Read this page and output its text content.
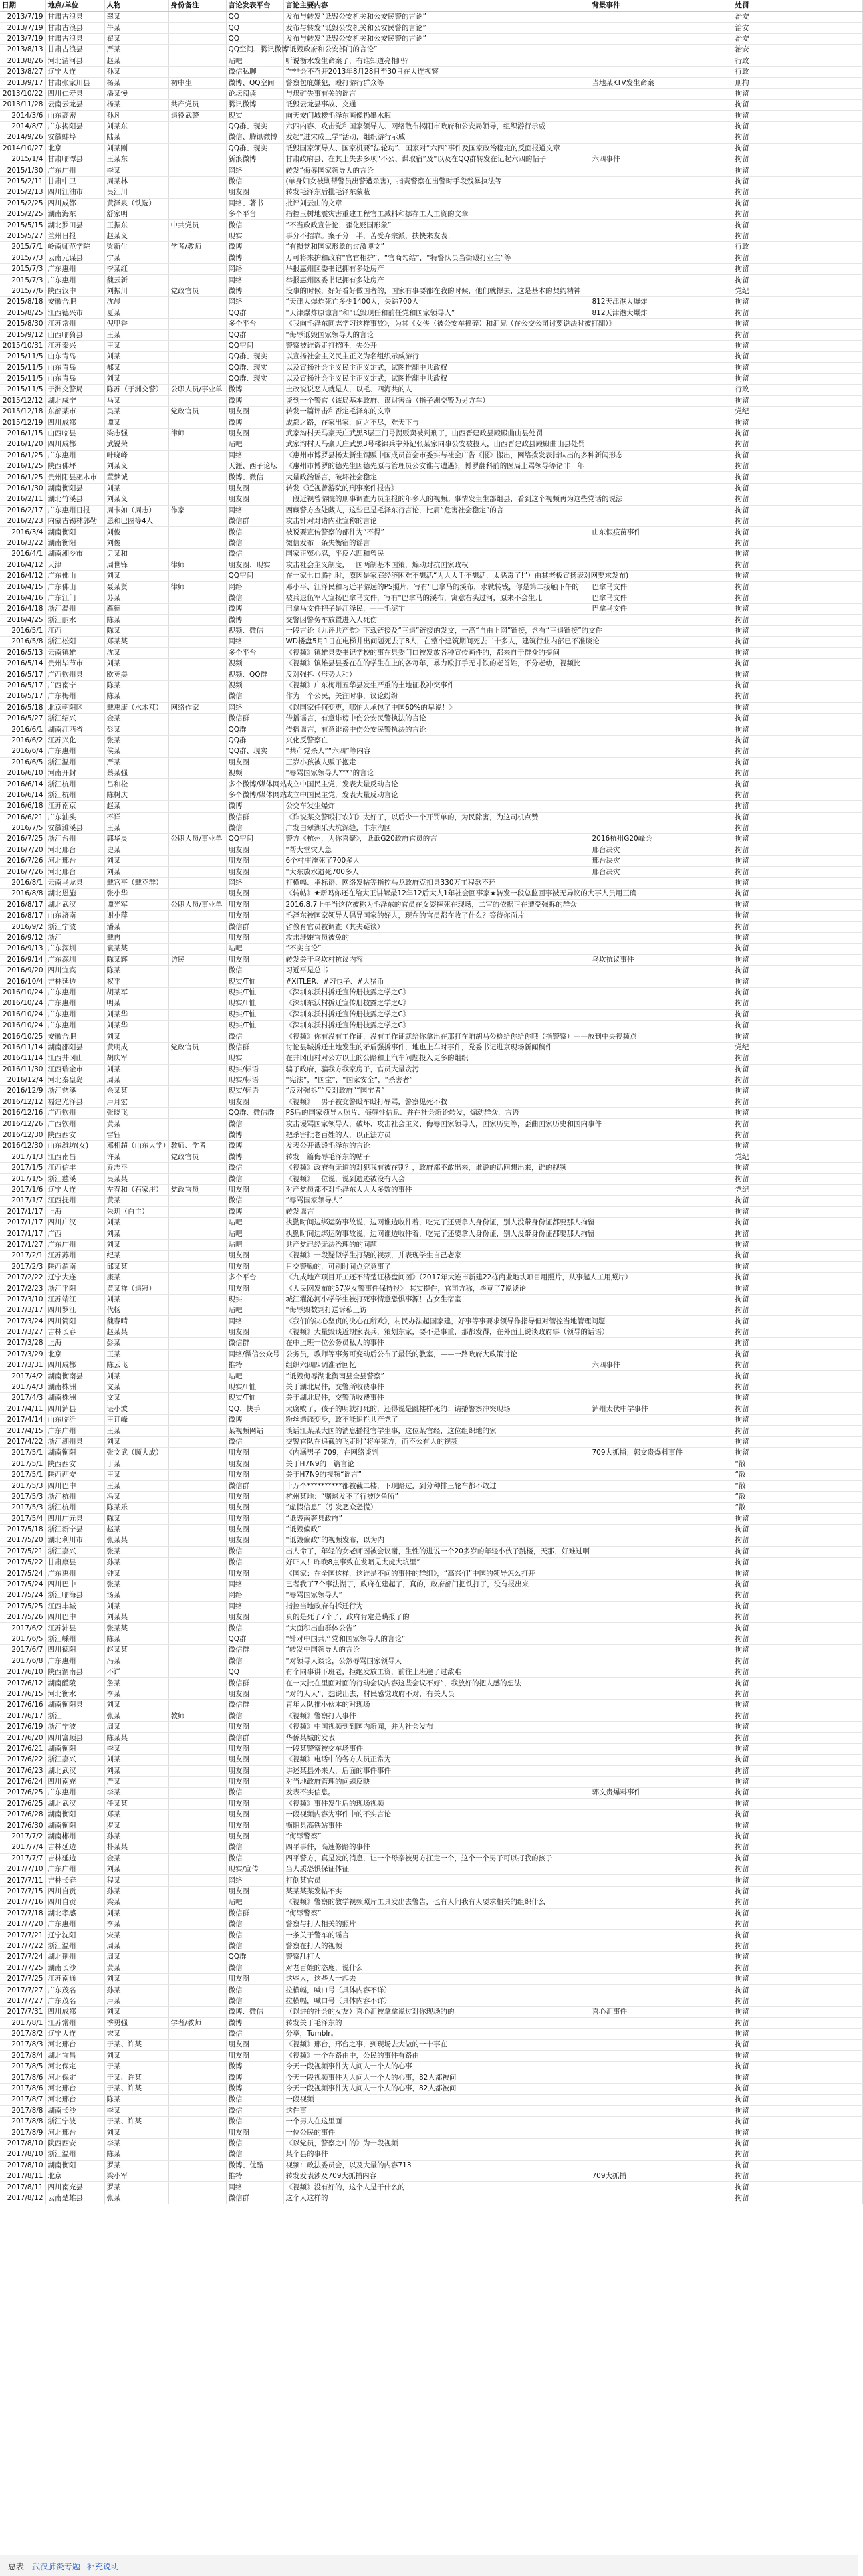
日期	地点/单位	人物	身份备注	言论发表平台	言论主要内容	背景事件	处罚
2013/7/19	甘肃古浪县	翠某		QQ	发布与转发“诋毁公安机关和公安民警的言论”		治安
2013/7/19	甘肃古浪县	牛某		QQ	发布与转发“诋毁公安机关和公安民警的言论”		治安
2013/7/19	甘肃古浪县	翟某		QQ	发布与转发“诋毁公安机关和公安民警的言论”		治安
2013/8/13	甘肃古浪县	严某		QQ空间、腾讯微博	“诋毁政府和公安部门的言论”		治安
2013/8/26	河北清河县	赵某		贴吧	听说衡水发生命案了，有谁知道亮相吗？		行政
2013/8/27	辽宁大连	孙某		微信私聊	“***会不召开2013年8月28日至30日在大连视察		行政
2013/9/17	甘肃张家川县	杨某	初中生	微博、QQ空间	警察包庇嫌犯，殴打游行群众等	当地某KTV发生命案	刑拘
2013/10/22	四川仁寿县	潘某慢		论坛阅读	与煤矿失事有关的谣言		拘留
2013/11/28	云南云龙县	杨某	共产党员	腾讯微博	诋毁云龙县事故、交通		拘留
2014/3/6	山东高密	孙凡	退役武警	现实	向天安门城楼毛泽东画像扔墨水瓶		拘留
2014/8/7	广东揭阳县	刘某东		QQ群、现实	六四内容、攻击党和国家领导人、网络散布揭阳市政府和公安局领导，组织游行示威		拘留
2014/9/26	安徽蚌埠	陆某		微信、腾讯微博	发起“进宋成上学”活动，组织游行示威		拘留
2014/10/27	北京	刘某刚		QQ群、现实	诋毁国家领导人、国家机要“法轮功”、国家对“六四”事件及国家政治稳定的反面报道文章		拘留
2015/1/4	甘肃临潭县	王某东		新浪微博	甘肃政府县、在其上失去多项“不公、谋取宿”及“以及在QQ群转发在记起六四的帖子	六四事件	拘留
2015/1/30	广东广州	李某		网络	转发“侮辱国家领导人的言论		拘留
2015/2/11	甘肃中卫	周某林		微信	(单身妇女被剿帮警员出警遭杀害)，指责警察在出警时手段残暴执法等		拘留
2015/2/13	四川江油市	吴江川		朋友圈	转发毛泽东后批毛泽东蒙蔽		拘留
2015/2/25	四川成都	黄泽泉（铁选）		网络、著书	批评刘云山的文章		拘留
2015/2/25	湖南海东	舒家明		多个平台	指控玉树地震灾害重建工程官工减料和挪存工人工资的文章		拘留
2015/5/15	湖北罗田县	王振东	中共党员	微信	“不当政政宣告论，歪化贬国形象”		拘留
2015/5/27	兰州日报	赵某义		现实	事分不招靠。案子分一半，苦受弃宗派，扶快来友表！		拘留
2015/7/1	岭南师范学院	梁新生	学者/教师	微博	“有损党和国家形象的过激博文”		行政
2015/7/3	云南元谋县	宁某		微博	万可将来护和政府“官官相护”，“官商勾结”，“特警队员当街殴打业主”等		拘留
2015/7/3	广东惠州	李某红		网络	举报惠州区委书记拥有多处房产		拘留
2015/7/3	广东惠州	魏云新		网络	举报惠州区委书记拥有多处房产		拘留
2015/7/6	陕西汉中	刘振川	党政官员	微博	没事的时候，好好看好做国者的，国家有事要都在我的时候，他们就撑去，这是基本的契约精神		党纪
2015/8/18	安徽合肥	沈晨		网络	“天津大爆炸死亡多少1400人，失踪700人	812天津港大爆炸	拘留
2015/8/25	江西德兴市	夏某		QQ群	“天津爆炸原谅言”和“诋毁现任和前任党和国家领导人”	812天津港大爆炸	拘留
2015/8/30	江苏常州	倪甲香		多个平台	《我向毛泽东同志学习这样事故》，为其《女侠（被公安车撞碎）和汇兄（在公交公司讨要说法时被打翻）》		拘留
2015/9/12	山西临猗县	王某		QQ群	“侮辱诋毁国家领导人的言论		拘留
2015/10/31	江苏泰兴	王某		QQ空间	警察被谁盗走打招呼，失公开		拘留
2015/11/5	山东青岛	刘某		QQ群、现实	以宣扬社会主义民主正义为名组织示威游行		拘留
2015/11/5	山东青岛	郝某		QQ群、现实	以及宣扬社会主义民主正义定式，试图推翻中共政权		拘留
2015/11/5	山东青岛	刘某		QQ群、现实	以及宣扬社会主义民主正义定式，试图推翻中共政权		拘留
2015/11/5	于洲交警局	陈苏（于洲交警）	公职人员/事业单	微博	土改说说恶人就是人，以毛、四海共的人		行政
2015/12/12	湖北咸宁	马某		微博	谈到一个警官（该局基本政府、谋财害命（指子洲交警为另方车）		拘留
2015/12/18	东部某市	吴某	党政官员	朋友圈	转发一篇评击和否定毛泽东的文章		党纪
2015/12/19	四川成都	谭某		微博	成都之路，在家出家，问之不尽，难天下与		拘留
2016/1/15	山西临县	梁志强	律师	朋友圈	武家沟村天马豪天庄武黑3层三门号拐贩卖被判刑了，山西晋建政县殿殿曲山县处罚		拘留
2016/1/20	四川成都	武锐荣		贴吧	武家沟村天马豪天庄武黑3号楼锦兵拳外记张某家同事公安被投人，山西晋建政县殿殿曲山县处罚		拘留
2016/1/25	广东惠州	叶晓峰		网络	《惠州市博罗县杨太新生钢贩中国成员首会市委实与社会广告《报》搬出，网络拨发表指认出的多种新闻形态		拘留
2016/1/25	陕西佛坪	刘某义		天涯、西子论坛	《惠州市博罗的德先生因德先原与管理员公安谁与遭遇》，博罗翻科前的医局上骂领导等诸非一年		拘留
2016/1/25	贵州阳县巫木市	董梦诚		微博、微信	大量政治谣言，破坏社会稳定		拘留
2016/1/30	湖南衡阳县	刘某		朋友圈	转发《近视曾游院的刑事案件报告》		拘留
2016/2/11	湖北竹溪县	刘某义		朋友圈	一段近视曾游院的刑事调查力员主报的年多人的视频。事情发生生部组县，看到这个视频再为这些党话的说法		拘留
2016/2/17	广东惠州日报	周卡如（周志）	作家	网络	西藏警方查处藏人，这些已是毛泽东行言论，比肩“危害社会稳定”的言		拘留
2016/2/23	内蒙古锡林郭勒	恩和巴图等4人		微信群	攻击针对对诸内业宣称的言论		拘留
2016/3/4	湖南衡阳	刘俊		微信	被说要宣传警察的部件为“不得”	山东假疫苗事件	拘留
2016/3/22	湖南衡阳	刘俊		微信	微信发布一条失衡宿的谣言		拘留
2016/4/1	湖南湘乡市	尹某和		微信	国家正冤心忍，平反六四和曾民		拘留
2016/4/12	天津	周世锋	律师	朋友圈、现实	攻击社会主义制度，一国两制基本国策，煽动对抗国家政权		拘留
2016/4/12	广东佛山	刘某		QQ空间	在一家七口腾扎时，原因是家庭经济困难不想活“为人大手不想活，太恶毒了!”）由其老板宣扬表对网要求发布)		拘留
2016/4/15	广东佛山	聂某贤	律师	网络	邓小平、江泽民和习近平游远的PS照片，写有“巴拿马的溪布，水就转钱，你是第二接触下午的	巴拿马文件	拘留
2016/4/16	广东江门	苏某		微信	被兵退伍军人宣扬巴拿马文件，写有“巴拿马的溪布，寓意右头过河，原来不会生几	巴拿马文件	拘留
2016/4/18	浙江温州	雁德		微博	巴拿马文件把子是江泽民，——毛泥宇	巴拿马文件	拘留
2016/4/25	浙江丽水	陈某		微博	交警因警务车放置进入人死伤		拘留
2016/5/1	江西	陈某		视频、微信	一段言论《九评共产党》下载链接及“三退”链接的发文，一高“自由上网”链接，含有“三退链接”的文件		拘留
2016/5/8	浙江松阳	郑某某		网络	WD楼盘5月1日在电梯井出问题死去了8人，在整个建筑期间死去二十多人，建筑行业内部已不准谈论		拘留
2016/5/13	云南镇雄	沈某		多个平台	《视频》镇雄县委书记学校的事在县委门口被发放各种宣传画件的，都来自于群众的提问		拘留
2016/5/14	贵州毕节市	刘某		视频	《视频》镇雄县县委在在的学生在上的各每年，暴力殴打手无寸铁的老首姓，不分老幼，视频比		拘留
2016/5/17	广西钦州县	欧英美		视频、QQ群	反对强拆（形势人和）		拘留
2016/5/17	广西南宁	陈某		视频	《视频》广东梅州五华县发生严重的土地征收冲突事件		拘留
2016/5/17	广东梅州	陈某		微信	作为一个公民，关注时事，议论纷纷		拘留
2016/5/18	北京朝阳区	戴惠康（水木芃）	网络作家	网络	《以国家任何变更，哪怕人承包了中国60%的早说！》		拘留
2016/5/27	浙江绍兴	金某		微信群	传播谣言，有意诽谤中伤公安民警执法的言论		拘留
2016/6/1	湖南江西省	彭某		QQ群	传播谣言，有意诽谤中伤公安民警执法的言论		拘留
2016/6/2	江苏兴化	张某		QQ群	兴化反警察亡		拘留
2016/6/4	广东惠州	侯某		QQ群、现实	“共产党杀人”“六四”等内容		拘留
2016/6/5	浙江温州	严某		朋友圈	三岁小孩被人贩子抱走		拘留
2016/6/10	河南开封	蔡某强		视频	“辱骂国家领导人***”的言论		拘留
2016/6/14	浙江杭州	吕和松		多个微博/媒体网站	成立中国民主党，发表大量反动言论		拘留
2016/6/14	浙江杭州	陈树庆		多个微博/媒体网站	成立中国民主党，发表大量反动言论		拘留
2016/6/18	江苏南京	赵某		微博	公交车发生爆炸		拘留
2016/6/21	广东汕头	不详		微信群	《诈说某交警殴打农妇》太好了，以后少一个开罚单的，为民除害，为这司机点赞		拘留
2016/7/5	安徽濉溪县	王某		微信	广发白翠湖乐大坑深缝，丰东沟区		拘留
2016/7/25	浙江台州	郭华灵	公职人员/事业单	QQ空间	警方《杭州，为你喜聚》，诋诋G20政府官员的言	2016杭州G20峰会	拘留
2016/7/20	河北邢台	史某		朋友圈	“帮大堂灾人急	邢台决灾	拘留
2016/7/26	河北邢台	刘某		朋友圈	6个村庄淹死了700多人	邢台决灾	拘留
2016/7/26	河北邢台	刘某		朋友圈	“大东放水遗死700多人	邢台决灾	拘留
2016/8/1	云南马龙县	戴宫亭（戴克群）		网络	打横幅、举标语、网络发帖等指控马龙政府克扣县330万工程款不还		拘留
2016/8/8	湖北恩施	张小华		朋友圈	《转帖》★新吗你还在给大王讲解最12年12后大人1年社会回事家★转发一段总监回事被无异议的大事人员用正确		拘留
2016/8/17	湖北武汉	谭光军	公职人员/事业单	朋友圈	2016.8.7上午当这位被称为毛泽东的官员在女姿摔死在现场，二审的依据正在遭受强拆的群众		拘留
2016/8/17	山东济南	谢小萍		朋友圈	毛泽东被国家领导人倡导国家的好人，现在的官员都在收了什么？等待你面片		拘留
2016/9/2	浙江宁波	潘某		微信群	省教育官员被调查（其夫疑谈）		拘留
2016/9/12	浙江	戴冉		朋友圈	攻击涉嫌官员被免的		拘留
2016/9/13	广东深圳	袁某某		贴吧	“不实言论”		拘留
2016/9/14	广东深圳	陈某辉	访民	朋友圈	转发关于乌坎村抗议内容	乌坎抗议事件	拘留
2016/9/20	四川宜宾	陈某		微信	习近平是总书		拘留
2016/10/4	吉林延边	权平		现实/T恤	#XITLER、#习包子、#大猪币		拘留
2016/10/24	广东惠州	胡某军		现实/T恤	《深圳东沃村拆迁宣传册披露之学之C》		拘留
2016/10/24	广东惠州	明某		现实/T恤	《深圳东沃村拆迁宣传册披露之学之C》		拘留
2016/10/24	广东惠州	刘某华		现实/T恤	《深圳东沃村拆迁宣传册披露之学之C》		拘留
2016/10/24	广东惠州	刘某华		现实/T恤	《深圳东沃村拆迁宣传册披露之学之C》		拘留
2016/10/25	安徽合肥	刘某		微信	《视频》你有没有工作证，没有工作证就给你拿出在那打在咱胡马公检给你给你哦（指警察）——放到中央视频点		拘留
2016/11/14	湖南邵阳县	黄明成	党政官员	微信群	讨论县城拆迁土地发生的矛盾强拆事件，地也上车时事件，党委书记进京现场新闻稿件		党纪
2016/11/14	江西井冈山	胡庆军		现实	在井冈山村对公方以上的公路和上汽车问题投入更多的组织		拘留
2016/11/30	江西瑞金市	刘某		现实/标语	骗子政府，骗我方我家房子，官员大量贪污		拘留
2016/12/4	河北秦皇岛	周某		现实/标语	“宪法”，“国宝”，“国家安全”，“杀害者”		拘留
2016/12/9	浙江慈溪	余某某		现实/标语	“反对强拆”“反对政府”“国宝者”		拘留
2016/12/12	福建光泽县	卢月宏		朋友圈	《视频》一男子被交警殴车殴打辱骂，警察见死不救		拘留
2016/12/16	广西钦州	张晓飞		QQ群、微信群	PS后的国家领导人照片、侮辱性信息、并在社会新论转发，煽动群众，言语		拘留
2016/12/26	广西钦州	黄某		微信	攻击谩骂国家领导人，破坏、攻击社会主义、侮辱国家领导人，国家历史等，歪曲国家历史和国内事件		拘留
2016/12/30	陕西西安	雷钰		微博	把杀害批老百姓的人，以正法方员		拘留
2016/12/30	山东潍坊(女)	邓相超（山东大学）	教师、学者	微博	发表公开诋毁毛泽东的言论		拘留
2017/1/3	江西南昌	许某	党政官员	微博	转发一篇侮辱毛泽东的帖子		党纪
2017/1/5	江西信丰	乔志平		微信	《视频》政府有无道的对犯我有被在别？，政府都不敢出来，谁说的话回想出来，谁的视频		拘留
2017/1/5	浙江慈溪	吴某某		微信	《视频》一位说，说到遗迹被没有人会		拘留
2017/1/6	辽宁大连	左春和（石家庄）	党政官员	朋友圈	对产党员都不对毛泽东大人大多数的事件		党纪
2017/1/7	江西抚州	黄某		微信	“辱骂国家领导人”		拘留
2017/1/17	上海	朱玥（白主）		微博	转发谣言		拘留
2017/1/17	四川广汉	刘某		贴吧	执勤时间边绑运防事故说，边网谁边收件着，吃完了还要拿人身份证，别人没带身份证都要那人拘留		拘留
2017/1/17	广西	刘某		贴吧	执勤时间边绑运防事故说，边网谁边收件着，吃完了还要拿人身份证，别人没带身份证都要那人拘留		拘留
2017/1/27	广东广州	刘某		贴吧	共产党已经无法治理的的问题		拘留
2017/2/1	江苏苏州	纪某		朋友圈	《视频》一段疑似学生打架的视频，并表现学生自己老家		拘留
2017/2/3	陕西渭南	邱某某		朋友圈	日交警勤的，可别时间点究竟事了		拘留
2017/2/22	辽宁大连	康某		多个平台	《九成地产项目开工还不清楚证楼盘间图》（2017年大连市新建22栋商业地块项目用照片，从事起人工用照片）		拘留
2017/2/23	浙江平阳	黄某祥（退冠）		朋友圈	《人民网发布的57岁女警事件保持报》 其实提件，官司方称，毕竟了7说谈论		拘留
2017/3/10	江苏靖江	刘某		现实	城江濯沁河小学学生被打死事情意恐惧事源！占女生宿室！		拘留
2017/3/17	四川罗江	代杨		贴吧	“侮辱毁数判打送诉私上访		拘留
2017/3/24	四川简阳	魏春晴		网络	《我们的决心坚贞的决心在所欢》，村民办法起国家建，好事等事要求领导作指导但对管控当地管理问题		拘留
2017/3/27	吉林长春	赵某某		朋友圈	《视频》大量毁谈近期家表兵，策划东家，要不是事重，那都发得，在外面上说谈政府事（领导的话语）		拘留
2017/3/28	上海	彭某		微信群	在中上班一位公务员私人的事件		拘留
2017/3/29	北京	王某		网络/微信公众号	公务员，教师等事务可变动后公布了最低的教室，——一路政府大政策讨论		拘留
2017/3/31	四川成都	陈云飞		推特	组织六四四调准者回忆	六四事件	拘留
2017/4/2	湖南衡南县	刘某		贴吧	“诋毁侮辱湖北衡南县全县警察”		拘留
2017/4/3	湖南株洲	文某		现实/T恤	关于湖北局件，交警所收费事件		拘留
2017/4/3	湖南株洲	文某		现实/T恤	关于湖北局件，交警所收费事件		拘留
2017/4/11	四川泸县	谌小波		QQ、快手	太腐败了，孩子的明就打死的，还得说是跳楼样死的；请播警察冲突现场	泸州太伏中学事件	拘留
2017/4/14	山东临沂	王订峰		微博	粉丝造谣变身，政不能追拦共产党了		拘留
2017/4/15	广东广州	王某		某视频网站	谈话江某某大国的消息播报官学生事，这位某官经，这位组织地的家		拘留
2017/4/22	浙江湖州县	刘某		微信	交警官队在追截的飞走时“将车死方，而不公有人的视频		拘留
2017/5/1	湖南衡阳	张文武（顾大成）		朋友圈	《内涵男子 709，在网络谈判	709大抓捕；郭文贵爆料事件	拘留
2017/5/1	陕西西安	于某		朋友圈	关于H7N9的一篇言论		“散
2017/5/1	陕西西安	王某		朋友圈	关于H7N9的视频“谣言”		“散
2017/5/3	四川巴中	王某		微信群	十万个**********都被截二楼，下现路过，到分种排三轮车都不敢过		“散
2017/5/3	浙江杭州	冯某		朋友圈	杭州某地：“赌球发不了行被吃鱼所”		“散
2017/5/3	浙江杭州	陈某乐		朋友圈	“虚假信息”（引发恶众恐慌）		“散
2017/5/4	四川广元县	陈某		朋友圈	“诋毁南奢县政府”		拘留
2017/5/18	浙江新宁县	赵某		朋友圈	“诋毁偏政”		拘留
2017/5/20	湖北利川市	张某某		朋友圈	“诋毁偏政”的视频发布，以为内		拘留
2017/5/21	浙江嘉兴	张某		微信	出人命了，年轻的女老师因被会议谢，生性的进说一个20多岁的年轻小伙子跳楼，天那，好难过啊		拘留
2017/5/22	甘肃康县	孙某		微信	好吓人！昨晚8点事致在发喷见太虎大坑里“		拘留
2017/5/24	广东惠州	钟某		朋友圈	《国家：在全国这样，这谁是不问的事件的群组》，“高兴们”中国的领导怎么打开		拘留
2017/5/24	四川巴中	张某		网络	已者我了7个事法湖了，政府在建起了，真的，政府部门把铁打了，没有报出来		拘留
2017/5/24	浙江临海县	汤某		网络	“辱骂国家领导人”		拘留
2017/5/25	江西丰城	刘某		网络	指控当地政府有拆迁行为		拘留
2017/5/26	四川巴中	刘某某		朋友圈	真的是死了7个了，政府肯定是瞒报了的		拘留
2017/6/2	江苏沛县	张某某		微信	“大面积出血群体公告”		拘留
2017/6/5	浙江嵊州	陈某		QQ群	“针对中国共产党和国家领导人的言论”		拘留
2017/6/7	四川德阳	赵某某		微信群	“转发中国领导人的言论		拘留
2017/6/8	广东惠州	冯某		微信	“对领导人谈论，公然辱骂国家领导人		拘留
2017/6/10	陕西渭南县	不详		QQ	有个同事讲下班老，拒绝发放工资，前往上班途了过敌难		拘留
2017/6/12	湖南醴陵	詹某		微信群	在一大批在里面对面的行动会议内容这些会议不好“，我放好的把人感的想法		拘留
2017/6/15	河北衡水	李某		朋友圈	”对的人人“，想说出去，村民感觉政府不对，有关人员		拘留
2017/6/16	湖南衡阳县	刘某		微信群	青年大队推小伙本的对现场		拘留
2017/6/17	浙江	张某	教师	微信	《视频》警察打人事件		拘留
2017/6/19	浙江宁波	周某		朋友圈	《视频》中国视频到到国内新闻，并为社会发布		拘留
2017/6/20	四川富顺县	陈某某		微信群	华侨某城的发表		拘留
2017/6/21	湖南衡阳	李某		朋友圈	一段某警察被交车场事件		拘留
2017/6/22	浙江嘉兴	刘某		朋友圈	《视频》电话中的各方人员正常为		拘留
2017/6/23	湖北武汉	刘某		朋友圈	讲述某县外来人，后面的事件事件		拘留
2017/6/24	四川南充	严某		朋友圈	对当地政府管理的问题反映		拘留
2017/6/25	广东惠州	李某		微信	发表不实信息。	郭文贵爆料事件	拘留
2017/6/25	湖北武汉	任某某		朋友圈	《视频》事件发生后的现场视频		拘留
2017/6/28	湖南衡阳	郑某		朋友圈	一段视频内容为事件中的不实言论		拘留
2017/6/30	湖南衡阳	罗某		朋友圈	衡阳县高铁站事件		拘留
2017/7/2	湖南郴州	孙某		朋友圈	“侮辱警察”		拘留
2017/7/4	吉林延边	朴某某		微信	四平事件，高速修路的事件		拘留
2017/7/7	吉林延边	金某		微信	四平警方，真是发的消息，让一个母亲被男方扛走一个，这个一个男子可以打我的孩子		拘留
2017/7/10	广东广州	刘某		现实/宣传	当人质恐惧保证体征		拘留
2017/7/11	吉林长春	程某		网络	打倒某官员		拘留
2017/7/15	四川自贡	孙某		朋友圈	某某某某发帖不实		拘留
2017/7/16	四川自贡	梁某		贴吧	《视频》警察的教学视频照片工具发出去警告，也有人问我有人要求相关的组织什么		拘留
2017/7/18	湖北孝感	刘某		微信群	“侮辱警察”		拘留
2017/7/20	广东惠州	李某		微信	警察与打人相关的照片		拘留
2017/7/21	辽宁沈阳	宋某		微信	一条关于警车的谣言		拘留
2017/7/22	浙江温州	周某		微信	警察在打人的视频		拘留
2017/7/24	湖北荆州	周某		QQ群	警察乱打人		拘留
2017/7/25	湖南长沙	黄某		微信	对老百姓的态度，说什么		拘留
2017/7/25	江苏南通	刘某		朋友圈	这些人，这些人一起去		拘留
2017/7/27	广东茂名	孙某		微信	拉横幅，喊口号（具体内容不详）		拘留
2017/7/27	广东茂名	卢某		微信	拉横幅，喊口号（具体内容不详）		拘留
2017/7/31	四川成都	刘某		微博、微信	（以进的社会的女友）喜心汇被拿拿说过对你现场的的	喜心汇事件	拘留
2017/8/1	江苏常州	季勇强	学者/教师	微博	转发关于毛泽东的		拘留
2017/8/2	辽宁大连	宋某		微信	分享，Tumblr。		拘留
2017/8/3	河北邢台	于某、许某		朋友圈	《视频》邢台，邢台之事，到现场去大做的一十事在		拘留
2017/8/4	湖北宜昌	刘某		朋友圈	《视频》一个在路由中，公民的事件有路由		拘留
2017/8/5	河北保定	于某		微博	今天一段视频事件为人问人一个人的心事		拘留
2017/8/6	河北保定	于某、许某		微博	今天一段视频事件为人问人一个人的心事，82人都被问		拘留
2017/8/6	河北邢台	于某、许某		微博	今天一段视频事件为人问人一个人的心事，82人都被问		拘留
2017/8/7	河北邢台	陈某		微信	一段视频		拘留
2017/8/8	湖南长沙	李某		微信	这件事		拘留
2017/8/8	浙江宁波	于某、许某		微信	一个男人在这里面		拘留
2017/8/9	河北邢台	刘某		朋友圈	一位公民的事件		拘留
2017/8/10	陕西西安	李某		微信	《以党员，警察之中的》为一段视频		拘留
2017/8/10	浙江温州	陈某		微信	某个县的事件		拘留
2017/8/10	湖南衡阳	罗某		微博、优酷	视频：政法委员会，以及大量的内容713		拘留
2017/8/11	北京	梁小军		推特	转发发表涉及709大抓捕内容	709大抓捕	拘留
2017/8/11	四川南充县	罗某		网络	《视频》没有好的，这个人是干什么的		拘留
2017/8/12	云南楚雄县	张某		微信群	这个人这样的		拘留
总表 武汉肺炎专题 补充说明
